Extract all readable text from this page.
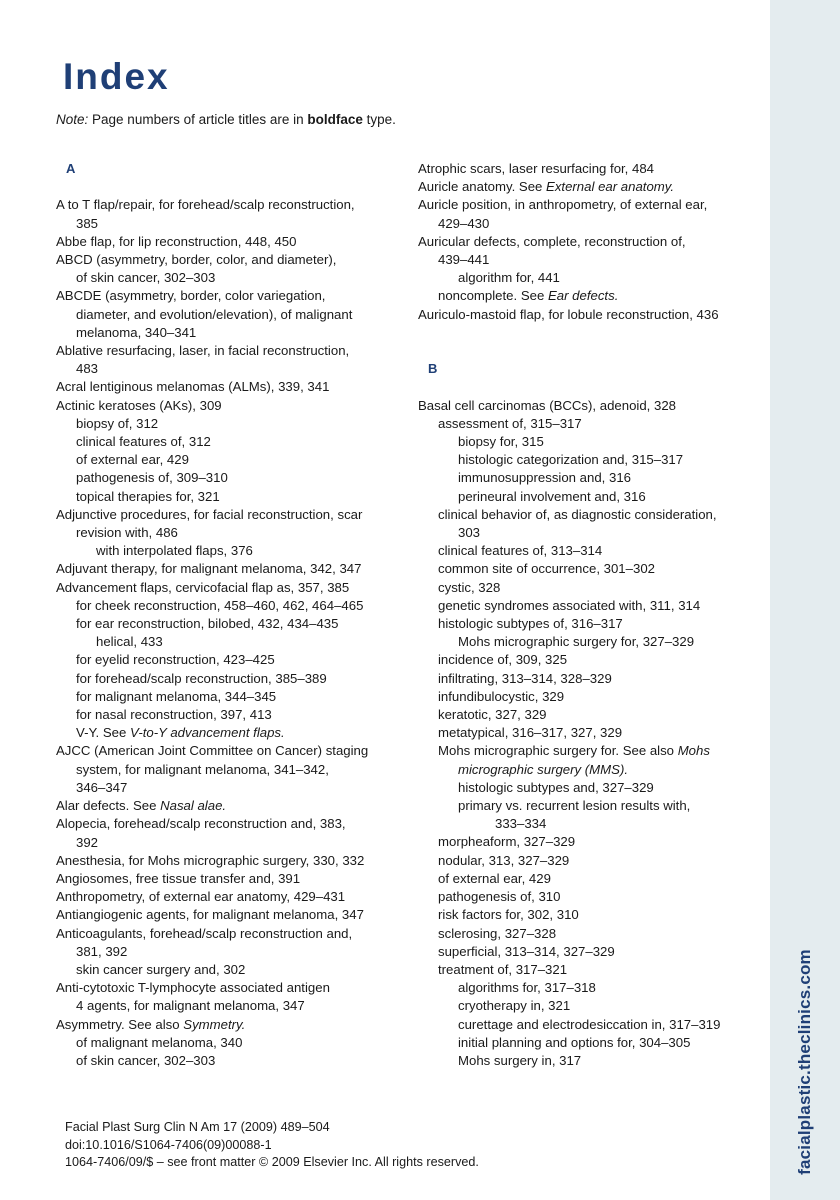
facialplastic.theclinics.com
Index
Note: Page numbers of article titles are in boldface type.
A
A to T flap/repair, for forehead/scalp reconstruction,
385
Abbe flap, for lip reconstruction, 448, 450
ABCD (asymmetry, border, color, and diameter),
of skin cancer, 302–303
ABCDE (asymmetry, border, color variegation,
diameter, and evolution/elevation), of malignant
melanoma, 340–341
Ablative resurfacing, laser, in facial reconstruction,
483
Acral lentiginous melanomas (ALMs), 339, 341
Actinic keratoses (AKs), 309
biopsy of, 312
clinical features of, 312
of external ear, 429
pathogenesis of, 309–310
topical therapies for, 321
Adjunctive procedures, for facial reconstruction, scar
revision with, 486
with interpolated flaps, 376
Adjuvant therapy, for malignant melanoma, 342, 347
Advancement flaps, cervicofacial flap as, 357, 385
for cheek reconstruction, 458–460, 462, 464–465
for ear reconstruction, bilobed, 432, 434–435
helical, 433
for eyelid reconstruction, 423–425
for forehead/scalp reconstruction, 385–389
for malignant melanoma, 344–345
for nasal reconstruction, 397, 413
V-Y. See V-to-Y advancement flaps.
AJCC (American Joint Committee on Cancer) staging
system, for malignant melanoma, 341–342,
346–347
Alar defects. See Nasal alae.
Alopecia, forehead/scalp reconstruction and, 383,
392
Anesthesia, for Mohs micrographic surgery, 330, 332
Angiosomes, free tissue transfer and, 391
Anthropometry, of external ear anatomy, 429–431
Antiangiogenic agents, for malignant melanoma, 347
Anticoagulants, forehead/scalp reconstruction and,
381, 392
skin cancer surgery and, 302
Anti-cytotoxic T-lymphocyte associated antigen
4 agents, for malignant melanoma, 347
Asymmetry. See also Symmetry.
of malignant melanoma, 340
of skin cancer, 302–303
Atrophic scars, laser resurfacing for, 484
Auricle anatomy. See External ear anatomy.
Auricle position, in anthropometry, of external ear,
429–430
Auricular defects, complete, reconstruction of,
439–441
algorithm for, 441
noncomplete. See Ear defects.
Auriculo-mastoid flap, for lobule reconstruction, 436
B
Basal cell carcinomas (BCCs), adenoid, 328
assessment of, 315–317
biopsy for, 315
histologic categorization and, 315–317
immunosuppression and, 316
perineural involvement and, 316
clinical behavior of, as diagnostic consideration,
303
clinical features of, 313–314
common site of occurrence, 301–302
cystic, 328
genetic syndromes associated with, 311, 314
histologic subtypes of, 316–317
Mohs micrographic surgery for, 327–329
incidence of, 309, 325
infiltrating, 313–314, 328–329
infundibulocystic, 329
keratotic, 327, 329
metatypical, 316–317, 327, 329
Mohs micrographic surgery for. See also Mohs
micrographic surgery (MMS).
histologic subtypes and, 327–329
primary vs. recurrent lesion results with,
333–334
morpheaform, 327–329
nodular, 313, 327–329
of external ear, 429
pathogenesis of, 310
risk factors for, 302, 310
sclerosing, 327–328
superficial, 313–314, 327–329
treatment of, 317–321
algorithms for, 317–318
cryotherapy in, 321
curettage and electrodesiccation in, 317–319
initial planning and options for, 304–305
Mohs surgery in, 317
Facial Plast Surg Clin N Am 17 (2009) 489–504
doi:10.1016/S1064-7406(09)00088-1
1064-7406/09/$ – see front matter © 2009 Elsevier Inc. All rights reserved.
